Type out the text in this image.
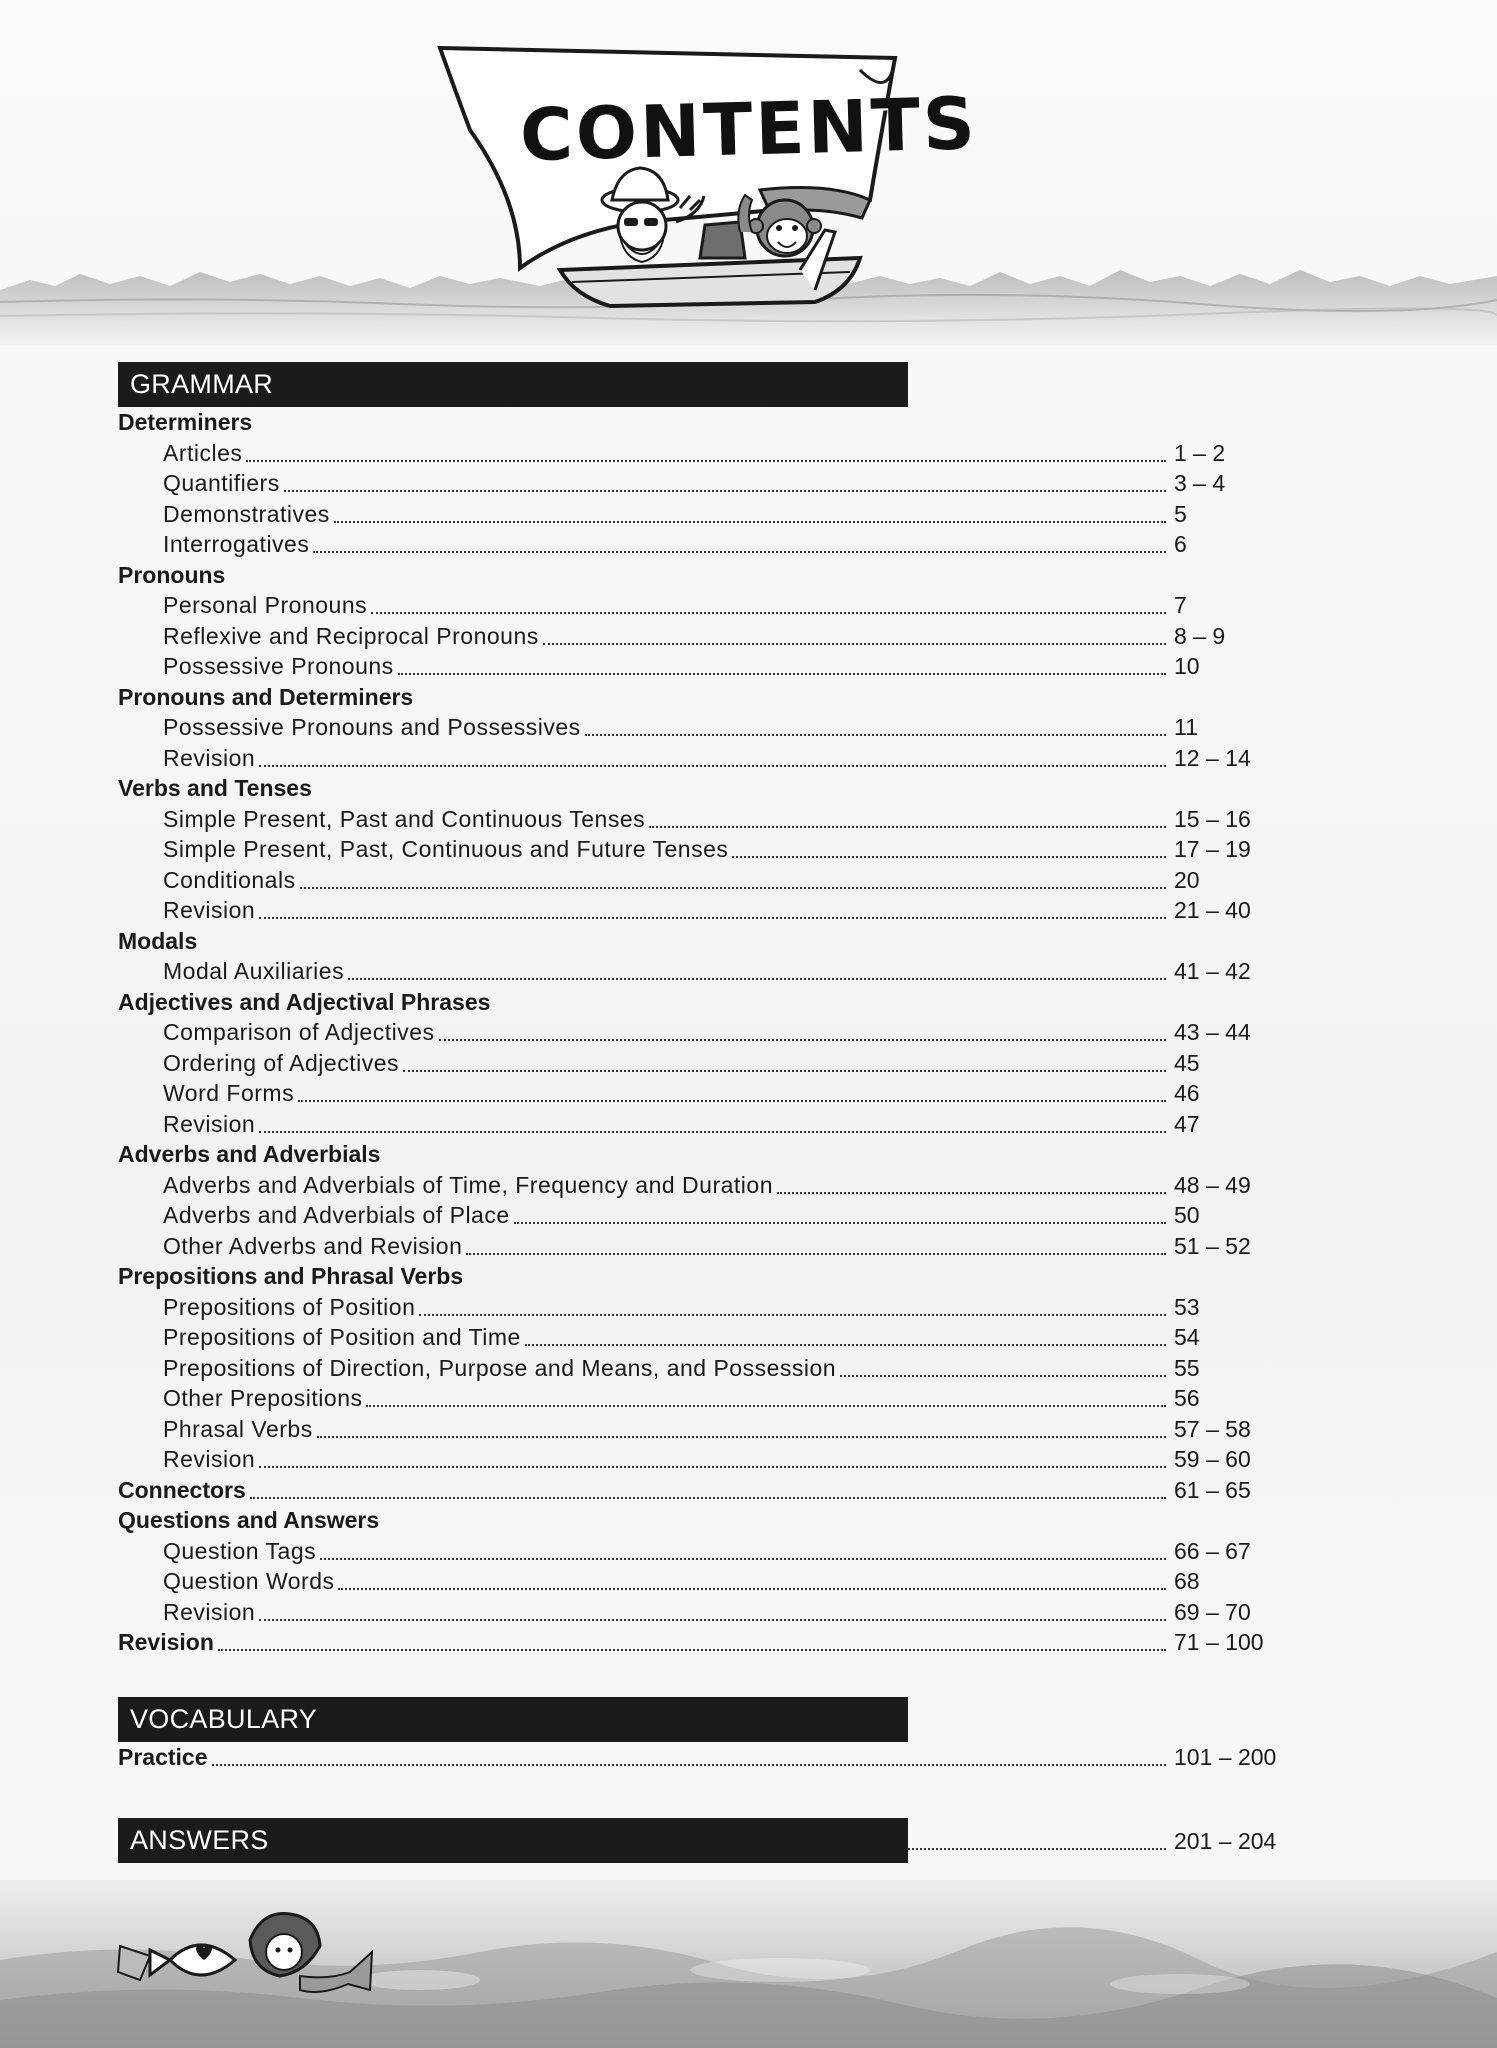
CONTENTS
GRAMMAR
Determiners
Articles	1 – 2
Quantifiers	3 – 4
Demonstratives	5
Interrogatives	6
Pronouns
Personal Pronouns	7
Reflexive and Reciprocal Pronouns	8 – 9
Possessive Pronouns	10
Pronouns and Determiners
Possessive Pronouns and Possessives	11
Revision	12 – 14
Verbs and Tenses
Simple Present, Past and Continuous Tenses	15 – 16
Simple Present, Past, Continuous and Future Tenses	17 – 19
Conditionals	20
Revision	21 – 40
Modals
Modal Auxiliaries	41 – 42
Adjectives and Adjectival Phrases
Comparison of Adjectives	43 – 44
Ordering of Adjectives	45
Word Forms	46
Revision	47
Adverbs and Adverbials
Adverbs and Adverbials of Time, Frequency and Duration	48 – 49
Adverbs and Adverbials of Place	50
Other Adverbs and Revision	51 – 52
Prepositions and Phrasal Verbs
Prepositions of Position	53
Prepositions of Position and Time	54
Prepositions of Direction, Purpose and Means, and Possession	55
Other Prepositions	56
Phrasal Verbs	57 – 58
Revision	59 – 60
Connectors	61 – 65
Questions and Answers
Question Tags	66 – 67
Question Words	68
Revision	69 – 70
Revision	71 – 100
VOCABULARY
Practice	101 – 200
ANSWERS	201 – 204
